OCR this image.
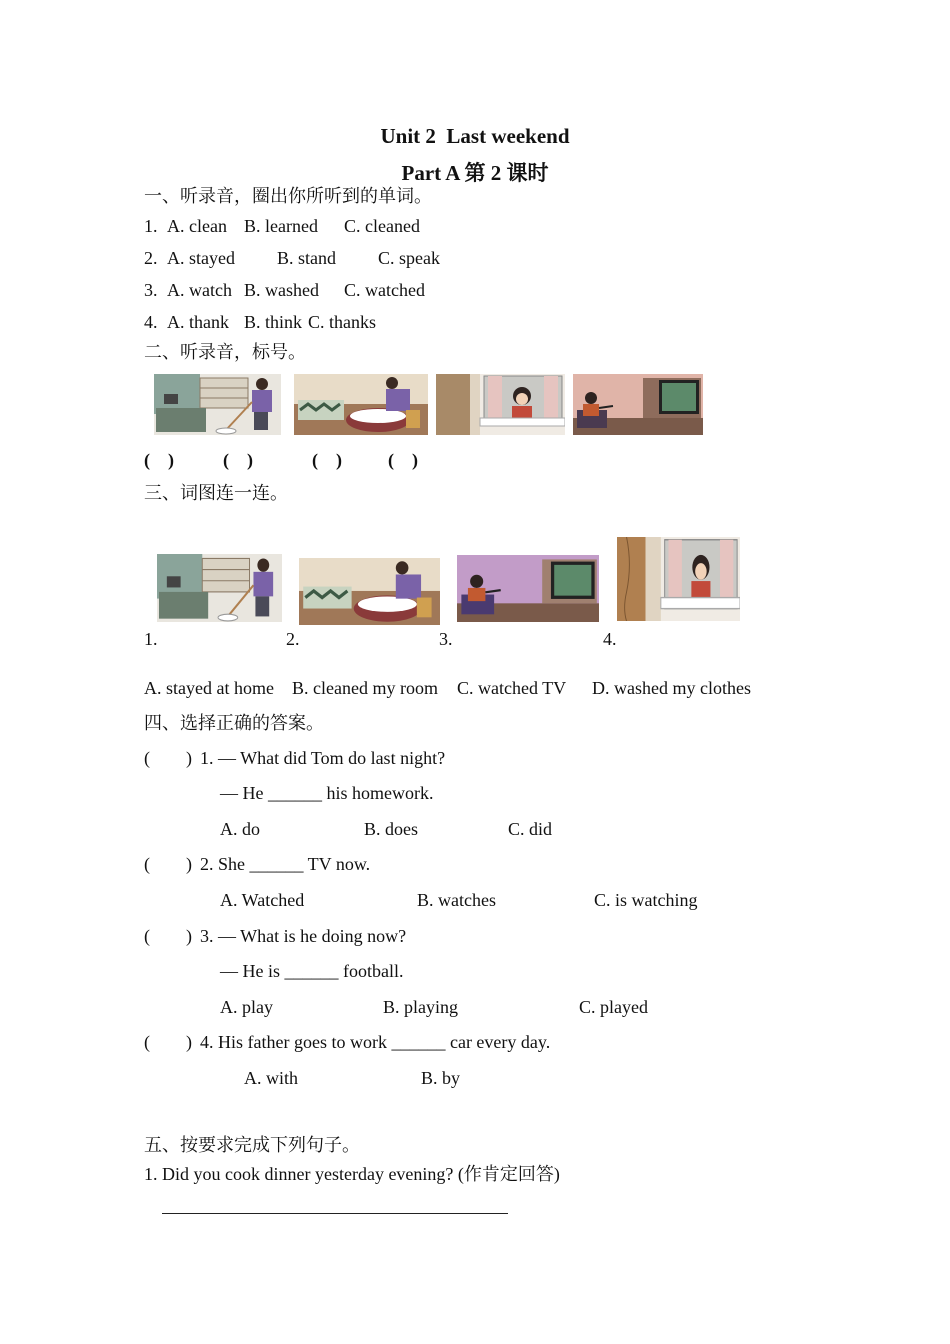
Unit 2  Last weekend
Part A 第 2 课时
一、听录音，圈出你所听到的单词。
1. A. clean B. learned C. cleaned
2. A. stayed B. stand C. speak
3. A. watch B. washed C. watched
4. A. thank B. think C. thanks
二、听录音，标号。
(    )	(    )	(    )	(    )
三、词图连一连。
1.	2.	3.	4.
A. stayed at home B. cleaned my room C. watched TV D. washed my clothes
四、选择正确的答案。
(        ) 1. — What did Tom do last night?
— He ______ his homework.
A. do	B. does	C. did
(        ) 2. She ______ TV now.
A. Watched	B. watches	C. is watching
(        ) 3. — What is he doing now?
— He is ______ football.
A. play	B. playing	C. played
(        ) 4. His father goes to work ______ car every day.
A. with	B. by
五、按要求完成下列句子。
1. Did you cook dinner yesterday evening? (作肯定回答)
